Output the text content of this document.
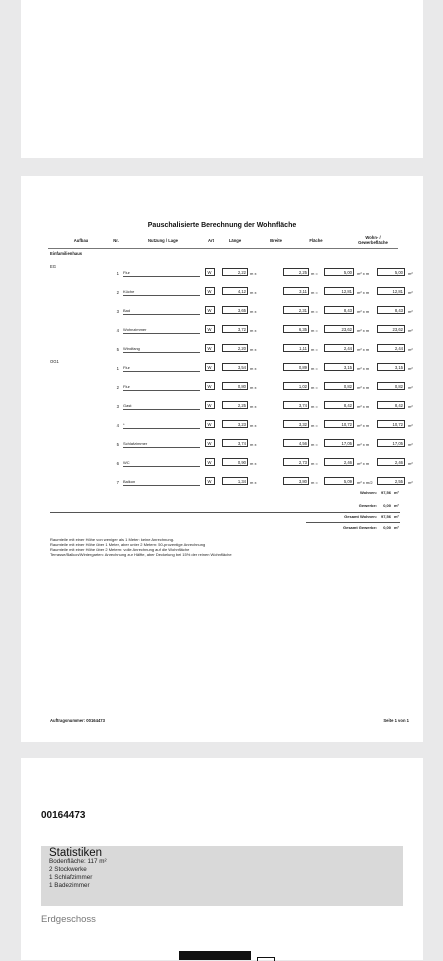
Pauschalisierte Berechnung der Wohnfläche
Aufbau	Nr.	Nutzung / Lage	Art	Länge	Breite	Fläche
Wohn- / Gewerbefläche
Einfamilienhaus
EG
1 Flur	W	2,22	m x	2,25	m =	5,00	m² x m	5,00	m²
2 Küche	W	4,12	m x	3,11	m =	12,81	m² x m	12,81	m²
3 Bad	W	3,65	m x	2,31	m =	8,43	m² x m	8,43	m²
4 Wohnzimmer	W	3,72	m x	6,35	m =	23,62	m² x m	23,62	m²
5 Windfang	W	2,20	m x	1,11	m =	2,44	m² x m	2,44	m²
OG1
1 Flur	W	3,54	m x	0,89	m =	3,15	m² x m	3,15	m²
2 Flur	W	0,80	m x	1,02	m =	0,82	m² x m	0,82	m²
3 Gast	W	2,25	m x	3,74	m =	8,42	m² x m	8,42	m²
4 *	W	3,23	m x	3,32	m =	10,72	m² x m	10,72	m²
5 Schlafzimmer	W	3,74	m x	4,56	m =	17,05	m² x m	17,05	m²
6 WC	W	0,90	m x	2,73	m =	2,46	m² x m	2,46	m²
7 Balkon	W	1,34	m x	3,80	m =	5,09	m² x m/2	2,55	m²
Wohnen: 97,56 m²
Gewerbe:	0,00 m²
Gesamt Wohnen: 97,56 m²
Gesamt Gewerbe:	0,00 m²
Raumteile mit einer Höhe von weniger als 1 Meter: keine Anrechnung.
Raumteile mit einer Höhe über 1 Meter, aber unter 2 Metern: 50-prozentige Anrechnung
Raumteile mit einer Höhe über 2 Metern: volle Anrechnung auf die Wohnfläche
Terrasse/Balkon/Wintergarten: Anrechnung zur Hälfte, aber Deckelung bei 15% der reinen Wohnfläche
Auftragsnummer: 00164473	Seite 1 von 1
00164473
Statistiken
Bodenfläche: 117 m²
2 Stockwerke
1 Schlafzimmer
1 Badezimmer
Erdgeschoss
